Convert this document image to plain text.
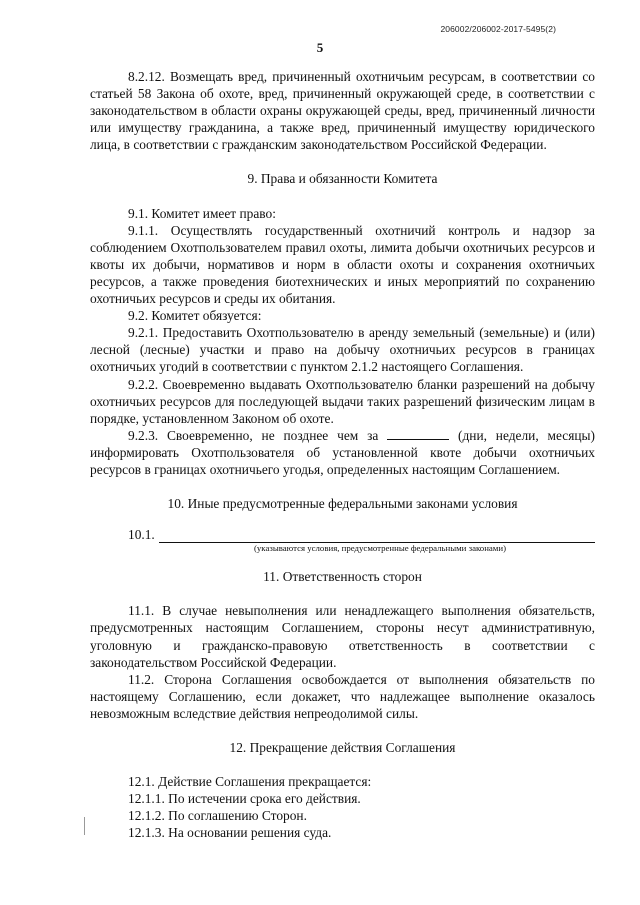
206002/206002-2017-5495(2)
5

8.2.12. Возмещать вред, причиненный охотничьим ресурсам, в соответствии со статьей 58 Закона об охоте, вред, причиненный окружающей среде, в соответствии с законодательством в области охраны окружающей среды, вред, причиненный личности или имуществу гражданина, а также вред, причиненный имуществу юридического лица, в соответствии с гражданским законодательством Российской Федерации.

9. Права и обязанности Комитета

9.1. Комитет имеет право:

9.1.1. Осуществлять государственный охотничий контроль и надзор за соблюдением Охотпользователем правил охоты, лимита добычи охотничьих ресурсов и квоты их добычи, нормативов и норм в области охоты и сохранения охотничьих ресурсов, а также проведения биотехнических и иных мероприятий по сохранению охотничьих ресурсов и среды их обитания.

9.2. Комитет обязуется:

9.2.1. Предоставить Охотпользователю в аренду земельный (земельные) и (или) лесной (лесные) участки и право на добычу охотничьих ресурсов в границах охотничьих угодий в соответствии с пунктом 2.1.2 настоящего Соглашения.

9.2.2. Своевременно выдавать Охотпользователю бланки разрешений на добычу охотничьих ресурсов для последующей выдачи таких разрешений физическим лицам в порядке, установленном Законом об охоте.

9.2.3. Своевременно, не позднее чем за	(дни, недели, месяцы) информировать Охотпользователя об установленной квоте добычи охотничьих ресурсов в границах охотничьего угодья, определенных настоящим Соглашением.

10. Иные предусмотренные федеральными законами условия

10.1.

(указываются условия, предусмотренные федеральными законами)

11. Ответственность сторон

11.1. В случае невыполнения или ненадлежащего выполнения обязательств, предусмотренных настоящим Соглашением, стороны несут административную, уголовную и гражданско-правовую ответственность в соответствии с законодательством Российской Федерации.

11.2. Сторона Соглашения освобождается от выполнения обязательств по настоящему Соглашению, если докажет, что надлежащее выполнение оказалось невозможным вследствие действия непреодолимой силы.

12. Прекращение действия Соглашения

12.1. Действие Соглашения прекращается:

12.1.1. По истечении срока его действия.

12.1.2. По соглашению Сторон.

12.1.3. На основании решения суда.
